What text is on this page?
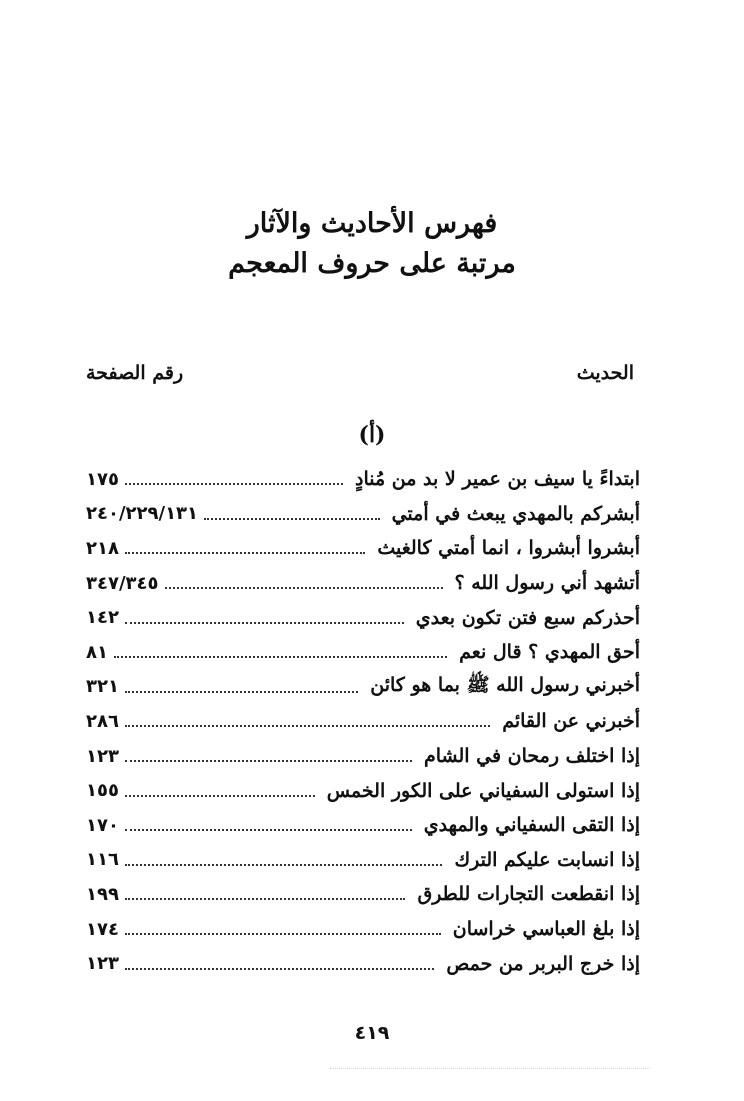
فهرس الأحاديث والآثار
مرتبة على حروف المعجم
الحديث
رقم الصفحة
(أ)
ابتداءً يا سيف بن عمير لا بد من مُنادٍ
١٧٥
أبشركم بالمهدي يبعث في أمتي
٢٤٠/٢٢٩/١٣١
أبشروا أبشروا ، انما أمتي كالغيث
٢١٨
أتشهد أني رسول الله ؟
٣٤٧/٣٤٥
أحذركم سبع فتن تكون بعدي
١٤٢
أحق المهدي ؟ قال نعم
٨١
أخبرني رسول الله ﷺ بما هو كائن
٣٢١
أخبرني عن القائم
٢٨٦
إذا اختلف رمحان في الشام
١٢٣
إذا استولى السفياني على الكور الخمس
١٥٥
إذا التقى السفياني والمهدي
١٧٠
إذا انسابت عليكم الترك
١١٦
إذا انقطعت التجارات للطرق
١٩٩
إذا بلغ العباسي خراسان
١٧٤
إذا خرج البربر من حمص
١٢٣
٤١٩
